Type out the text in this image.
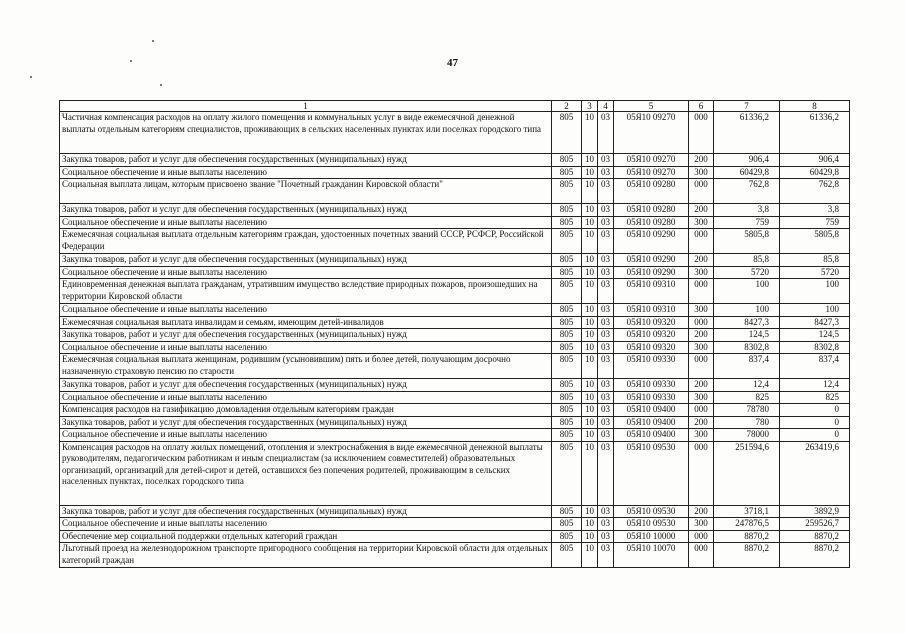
47
1	2	3	4	5	6	7	8
Частичная компенсация расходов на оплату жилого помещения и коммунальных услуг в виде ежемесячной денежной выплаты отдельным категориям специалистов, проживающих в сельских населенных пунктах или поселках городского типа	805	10	03	05Я10 09270	000	61336,2	61336,2
Закупка товаров, работ и услуг для обеспечения государственных (муниципальных) нужд	805	10	03	05Я10 09270	200	906,4	906,4
Социальное обеспечение и иные выплаты населению	805	10	03	05Я10 09270	300	60429,8	60429,8
Социальная выплата лицам, которым присвоено звание "Почетный гражданин Кировской области"	805	10	03	05Я10 09280	000	762,8	762,8
Закупка товаров, работ и услуг для обеспечения государственных (муниципальных) нужд	805	10	03	05Я10 09280	200	3,8	3,8
Социальное обеспечение и иные выплаты населению	805	10	03	05Я10 09280	300	759	759
Ежемесячная социальная выплата отдельным категориям граждан, удостоенных почетных званий СССР, РСФСР, Российской Федерации	805	10	03	05Я10 09290	000	5805,8	5805,8
Закупка товаров, работ и услуг для обеспечения государственных (муниципальных) нужд	805	10	03	05Я10 09290	200	85,8	85,8
Социальное обеспечение и иные выплаты населению	805	10	03	05Я10 09290	300	5720	5720
Единовременная денежная выплата гражданам, утратившим имущество вследствие природных пожаров, произошедших на территории Кировской области	805	10	03	05Я10 09310	000	100	100
Социальное обеспечение и иные выплаты населению	805	10	03	05Я10 09310	300	100	100
Ежемесячная социальная выплата инвалидам и семьям, имеющим детей-инвалидов	805	10	03	05Я10 09320	000	8427,3	8427,3
Закупка товаров, работ и услуг для обеспечения государственных (муниципальных) нужд	805	10	03	05Я10 09320	200	124,5	124,5
Социальное обеспечение и иные выплаты населению	805	10	03	05Я10 09320	300	8302,8	8302,8
Ежемесячная социальная выплата женщинам, родившим (усыновившим) пять и более детей, получающим досрочно назначенную страховую пенсию по старости	805	10	03	05Я10 09330	000	837,4	837,4
Закупка товаров, работ и услуг для обеспечения государственных (муниципальных) нужд	805	10	03	05Я10 09330	200	12,4	12,4
Социальное обеспечение и иные выплаты населению	805	10	03	05Я10 09330	300	825	825
Компенсация расходов на газификацию домовладения отдельным категориям граждан	805	10	03	05Я10 09400	000	78780	0
Закупка товаров, работ и услуг для обеспечения государственных (муниципальных) нужд	805	10	03	05Я10 09400	200	780	0
Социальное обеспечение и иные выплаты населению	805	10	03	05Я10 09400	300	78000	0
Компенсация расходов на оплату жилых помещений, отопления и электроснабжения в виде ежемесячной денежной выплаты руководителям, педагогическим работникам и иным специалистам (за исключением совместителей) образовательных организаций, организаций для детей-сирот и детей, оставшихся без попечения родителей, проживающим в сельских населенных пунктах, поселках городского типа	805	10	03	05Я10 09530	000	251594,6	263419,6
Закупка товаров, работ и услуг для обеспечения государственных (муниципальных) нужд	805	10	03	05Я10 09530	200	3718,1	3892,9
Социальное обеспечение и иные выплаты населению	805	10	03	05Я10 09530	300	247876,5	259526,7
Обеспечение мер социальной поддержки отдельных категорий граждан	805	10	03	05Я10 10000	000	8870,2	8870,2
Льготный проезд на железнодорожном транспорте пригородного сообщения на территории Кировской области для отдельных категорий граждан	805	10	03	05Я10 10070	000	8870,2	8870,2
